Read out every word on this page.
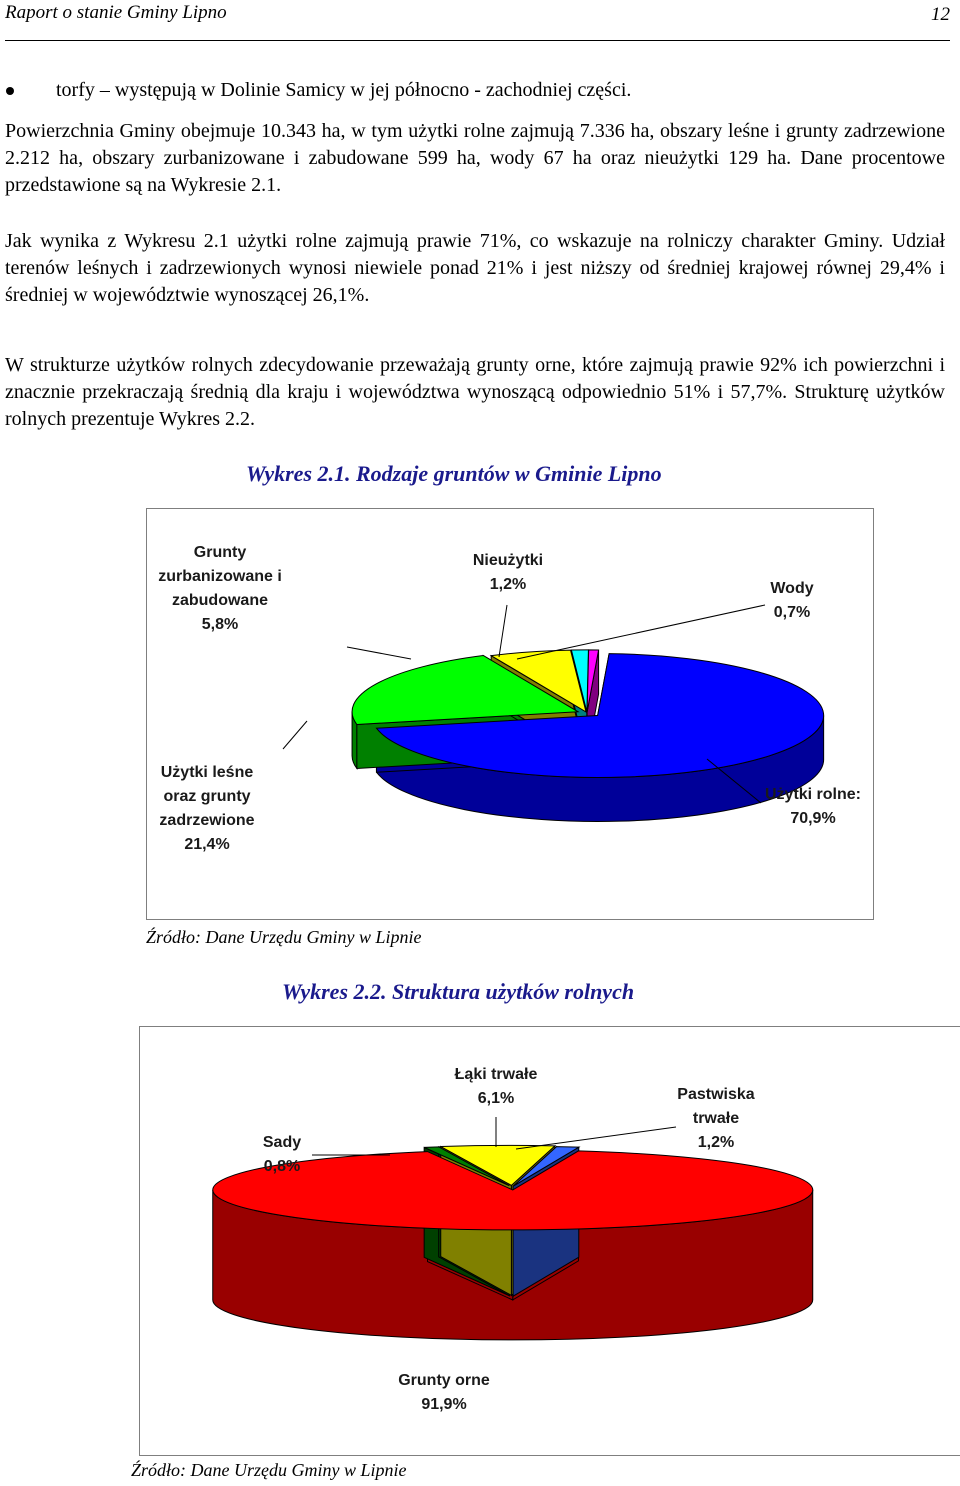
Raport o stanie Gminy Lipno	12
torfy – występują w Dolinie Samicy w jej północno - zachodniej części.

Powierzchnia Gminy obejmuje 10.343 ha, w tym użytki rolne zajmują 7.336 ha, obszary leśne i grunty zadrzewione 2.212 ha, obszary zurbanizowane i zabudowane 599 ha, wody 67 ha oraz nieużytki 129 ha. Dane procentowe przedstawione są na Wykresie 2.1.

Jak wynika z Wykresu 2.1 użytki rolne zajmują prawie 71%, co wskazuje na rolniczy charakter Gminy. Udział terenów leśnych i zadrzewionych wynosi niewiele ponad 21% i jest niższy od średniej krajowej równej 29,4% i średniej w województwie wynoszącej 26,1%.

W strukturze użytków rolnych zdecydowanie przeważają grunty orne, które zajmują prawie 92% ich powierzchni i znacznie przekraczają średnią dla kraju i województwa wynoszącą odpowiednio 51% i 57,7%. Strukturę użytków rolnych prezentuje Wykres 2.2.

Wykres 2.1. Rodzaje gruntów w Gminie Lipno
Grunty zurbanizowane i zabudowane
5,8%
Nieużytki
1,2%	Wody
0,7%
Użytki leśne oraz grunty zadrzewione
21,4%
Użytki rolne:
70,9%
Źródło: Dane Urzędu Gminy w Lipnie
Wykres 2.2. Struktura użytków rolnych
Sady
0,8%
Łąki trwałe
6,1%	Pastwiska trwałe
1,2%
Grunty orne
91,9%
Źródło: Dane Urzędu Gminy w Lipnie
